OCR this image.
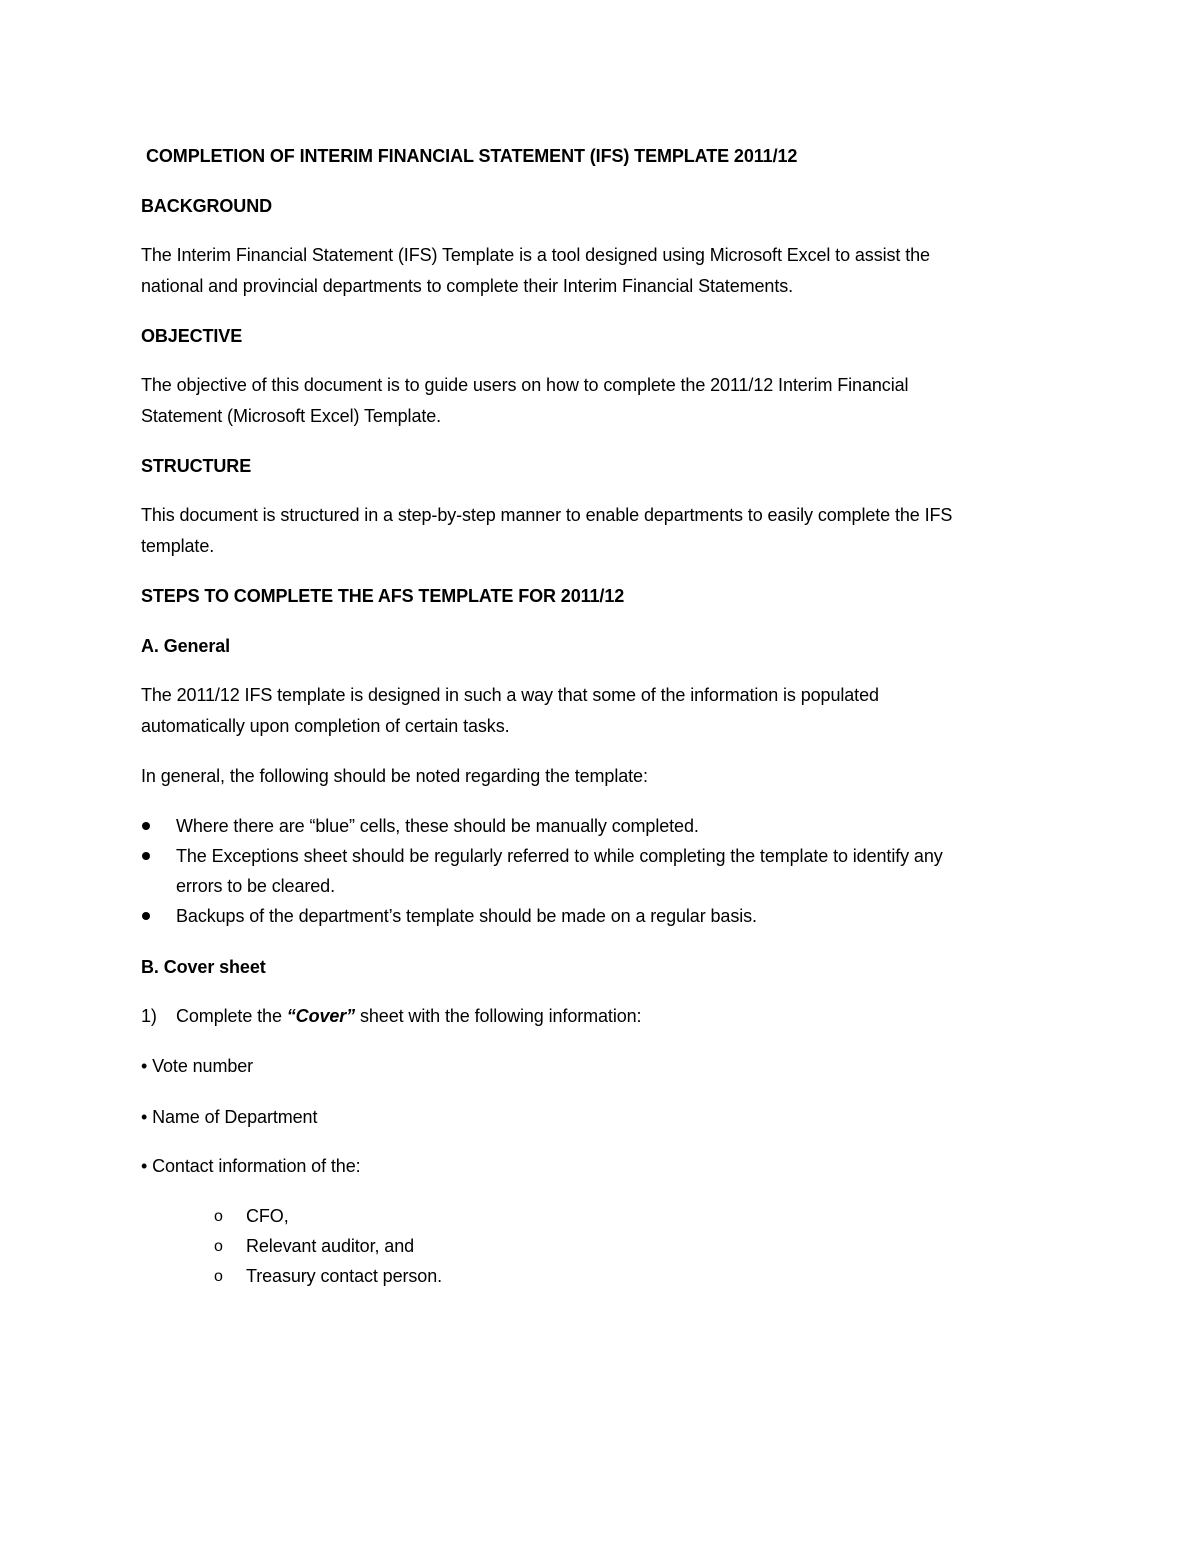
COMPLETION OF INTERIM FINANCIAL STATEMENT (IFS) TEMPLATE 2011/12
BACKGROUND
The Interim Financial Statement (IFS) Template is a tool designed using Microsoft Excel to assist the
national and provincial departments to complete their Interim Financial Statements.
OBJECTIVE
The objective of this document is to guide users on how to complete the 2011/12 Interim Financial
Statement (Microsoft Excel) Template.
STRUCTURE
This document is structured in a step-by-step manner to enable departments to easily complete the IFS
template.
STEPS TO COMPLETE THE AFS TEMPLATE FOR 2011/12
A. General
The 2011/12 IFS template is designed in such a way that some of the information is populated
automatically upon completion of certain tasks.
In general, the following should be noted regarding the template:
Where there are “blue” cells, these should be manually completed.
The Exceptions sheet should be regularly referred to while completing the template to identify any
errors to be cleared.
Backups of the department’s template should be made on a regular basis.
B. Cover sheet
1) Complete the “Cover” sheet with the following information:
• Vote number
• Name of Department
• Contact information of the:
o CFO,
o Relevant auditor, and
o Treasury contact person.
